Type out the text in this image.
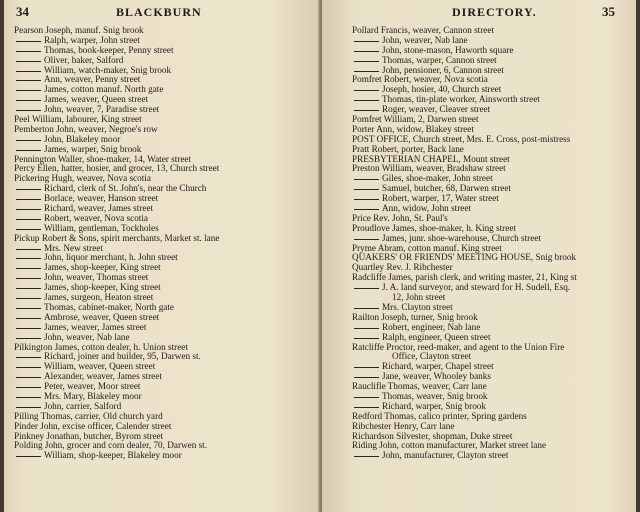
34	BLACKBURN
Pearson Joseph, manuf. Snig brook
Ralph, warper, John street
Thomas, book-keeper, Penny street
Oliver, baker, Salford
William, watch-maker, Snig brook
Ann, weaver, Penny street
James, cotton manuf. North gate
James, weaver, Queen street
John, weaver, 7, Paradise street
Peel William, labourer, King street
Pemberton John, weaver, Negroe's row
John, Blakeley moor
James, warper, Snig brook
Pennington Waller, shoe-maker, 14, Water street
Percy Ellen, hatter, hosier, and grocer, 13, Church street
Pickering Hugh, weaver, Nova scotia
Richard, clerk of St. John's, near the Church
Borlace, weaver, Hanson street
Richard, weaver, James street
Robert, weaver, Nova scotia
William, gentleman, Tockholes
Pickup Robert & Sons, spirit merchants, Market st. lane
Mrs. New street
John, liquor merchant, h. John street
James, shop-keeper, King street
John, weaver, Thomas street
James, shop-keeper, King street
James, surgeon, Heaton street
Thomas, cabinet-maker, North gate
Ambrose, weaver, Queen street
James, weaver, James street
John, weaver, Nab lane
Pilkington James, cotton dealer, h. Union street
Richard, joiner and builder, 95, Darwen st.
William, weaver, Queen street
Alexander, weaver, James street
Peter, weaver, Moor street
Mrs. Mary, Blakeley moor
John, carrier, Salford
Pilling Thomas, carrier, Old church yard
Pinder John, excise officer, Calender street
Pinkney Jonathan, butcher, Byrom street
Polding John, grocer and corn dealer, 70, Darwen st.
William, shop-keeper, Blakeley moor
DIRECTORY.	35
Pollard Francis, weaver, Cannon street
John, weaver, Nab lane
John, stone-mason, Haworth square
Thomas, warper, Cannon street
John, pensioner, 6, Cannon street
Pomfret Robert, weaver, Nova scotia
Joseph, hosier, 40, Church street
Thomas, tin-plate worker, Ainsworth street
Roger, weaver, Cleaver street
Pomfret William, 2, Darwen street
Porter Ann, widow, Blakey street
POST OFFICE, Church street, Mrs. E. Cross, post-mistress
Pratt Robert, porter, Back lane
PRESBYTERIAN CHAPEL, Mount street
Preston William, weaver, Bradshaw street
Giles, shoe-maker, John street
Samuel, butcher, 68, Darwen street
Robert, warper, 17, Water street
Ann, widow, John street
Price Rev. John, St. Paul's
Proudlove James, shoe-maker, h. King street
James, junr. shoe-warehouse, Church street
Pryme Abram, cotton manuf. King street
QUAKERS' OR FRIENDS' MEETING HOUSE, Snig brook
Quartley Rev. J. Ribchester
Radcliffe James, parish clerk, and writing master, 21, King st
J. A. land surveyor, and steward for H. Sudell, Esq.
12, John street
Mrs. Clayton street
Railton Joseph, turner, Snig brook
Robert, engineer, Nab lane
Ralph, engineer, Queen street
Ratcliffe Proctor, reed-maker, and agent to the Union Fire
Office, Clayton street
Richard, warper, Chapel street
Jane, weaver, Whooley banks
Rauclifle Thomas, weaver, Carr lane
Thomas, weaver, Snig brook
Richard, warper, Snig brook
Redford Thomas, calico printer, Spring gardens
Ribchester Henry, Carr lane
Richardson Silvester, shopman, Duke street
Riding John, cotton manufacturer, Market street lane
John, manufacturer, Clayton street
